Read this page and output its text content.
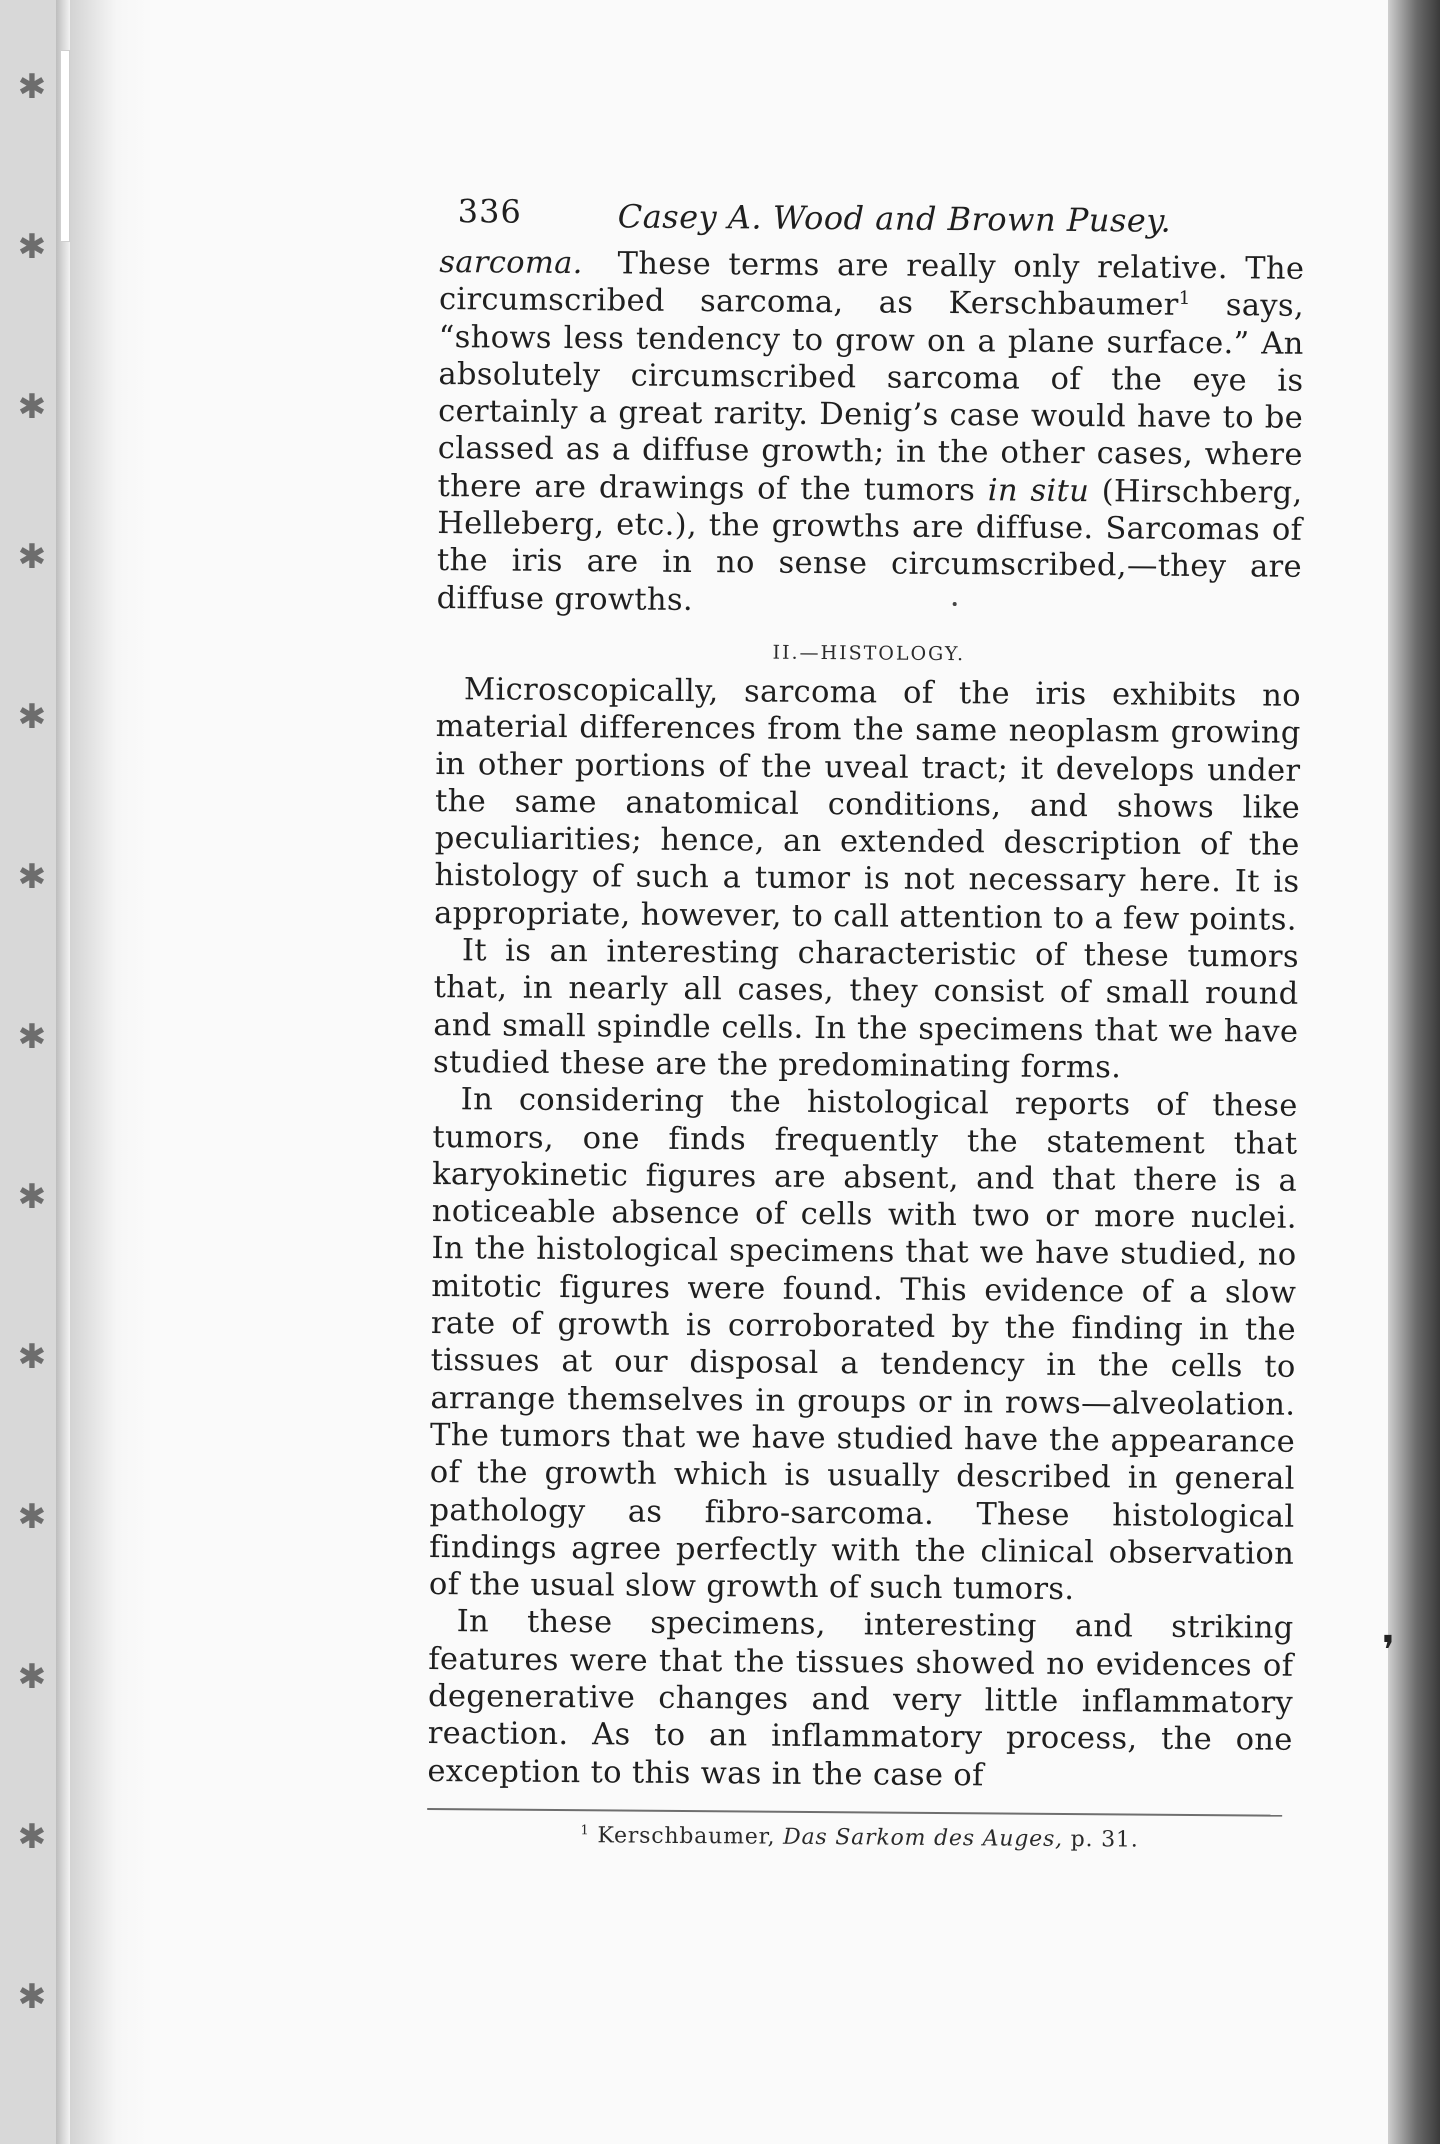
✱
✱
✱
✱
✱
✱
✱
✱
✱
✱
✱
✱
✱
❜
336	Casey A. Wood and Brown Pusey.

sarcoma. These terms are really only relative. The circumscribed sarcoma, as Kerschbaumer$^1$ says, “shows less tendency to grow on a plane surface.” An absolutely circumscribed sarcoma of the eye is certainly a great rarity. Denig’s case would have to be classed as a diffuse growth; in the other cases, where there are drawings of the tumors in situ (Hirschberg, Helleberg, etc.), the growths are diffuse. Sarcomas of the iris are in no sense circumscribed,—they are diffuse growths.

II.—HISTOLOGY.

Microscopically, sarcoma of the iris exhibits no material differences from the same neoplasm growing in other portions of the uveal tract; it develops under the same anatomical conditions, and shows like peculiarities; hence, an extended description of the histology of such a tumor is not necessary here. It is appropriate, however, to call attention to a few points.

It is an interesting characteristic of these tumors that, in nearly all cases, they consist of small round and small spindle cells. In the specimens that we have studied these are the predominating forms.

In considering the histological reports of these tumors, one finds frequently the statement that karyokinetic figures are absent, and that there is a noticeable absence of cells with two or more nuclei. In the histological specimens that we have studied, no mitotic figures were found. This evidence of a slow rate of growth is corroborated by the finding in the tissues at our disposal a tendency in the cells to arrange themselves in groups or in rows—alveolation. The tumors that we have studied have the appearance of the growth which is usually described in general pathology as fibro-sarcoma. These histological findings agree perfectly with the clinical observation of the usual slow growth of such tumors.

In these specimens, interesting and striking features were that the tissues showed no evidences of degenerative changes and very little inflammatory reaction. As to an inflammatory process, the one exception to this was in the case of

$^1$ Kerschbaumer, Das Sarkom des Auges, p. 31.
